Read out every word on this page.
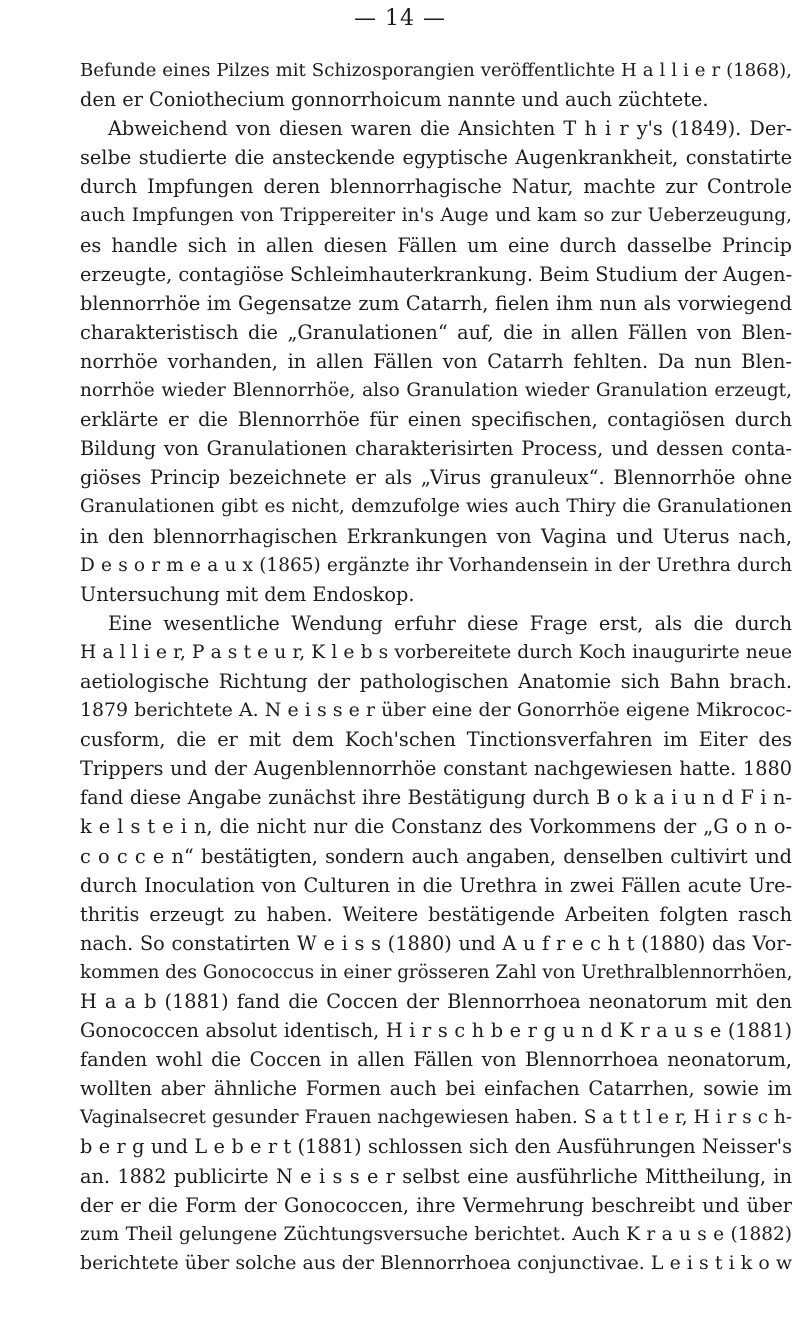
— 14 —
Befunde eines Pilzes mit Schizosporangien veröffentlichte H a l l i e r (1868),
den er Coniothecium gonnorrhoicum nannte und auch züchtete.
Abweichend von diesen waren die Ansichten T h i r y's (1849). Der-
selbe studierte die ansteckende egyptische Augenkrankheit, constatirte
durch Impfungen deren blennorrhagische Natur, machte zur Controle
auch Impfungen von Trippereiter in's Auge und kam so zur Ueberzeugung,
es handle sich in allen diesen Fällen um eine durch dasselbe Princip
erzeugte, contagiöse Schleimhauterkrankung. Beim Studium der Augen-
blennorrhöe im Gegensatze zum Catarrh, fielen ihm nun als vorwiegend
charakteristisch die „Granulationen“ auf, die in allen Fällen von Blen-
norrhöe vorhanden, in allen Fällen von Catarrh fehlten. Da nun Blen-
norrhöe wieder Blennorrhöe, also Granulation wieder Granulation erzeugt,
erklärte er die Blennorrhöe für einen specifischen, contagiösen durch
Bildung von Granulationen charakterisirten Process, und dessen conta-
giöses Princip bezeichnete er als „Virus granuleux“. Blennorrhöe ohne
Granulationen gibt es nicht, demzufolge wies auch Thiry die Granulationen
in den blennorrhagischen Erkrankungen von Vagina und Uterus nach,
D e s o r m e a u x (1865) ergänzte ihr Vorhandensein in der Urethra durch
Untersuchung mit dem Endoskop.
Eine wesentliche Wendung erfuhr diese Frage erst, als die durch
H a l l i e r, P a s t e u r, K l e b s vorbereitete durch Koch inaugurirte neue
aetiologische Richtung der pathologischen Anatomie sich Bahn brach.
1879 berichtete A. N e i s s e r über eine der Gonorrhöe eigene Mikrococ-
cusform, die er mit dem Koch'schen Tinctionsverfahren im Eiter des
Trippers und der Augenblennorrhöe constant nachgewiesen hatte. 1880
fand diese Angabe zunächst ihre Bestätigung durch B o k a i u n d F i n-
k e l s t e i n, die nicht nur die Constanz des Vorkommens der „G o n o-
c o c c e n“ bestätigten, sondern auch angaben, denselben cultivirt und
durch Inoculation von Culturen in die Urethra in zwei Fällen acute Ure-
thritis erzeugt zu haben. Weitere bestätigende Arbeiten folgten rasch
nach. So constatirten W e i s s (1880) und A u f r e c h t (1880) das Vor-
kommen des Gonococcus in einer grösseren Zahl von Urethralblennorrhöen,
H a a b (1881) fand die Coccen der Blennorrhoea neonatorum mit den
Gonococcen absolut identisch, H i r s c h b e r g u n d K r a u s e (1881)
fanden wohl die Coccen in allen Fällen von Blennorrhoea neonatorum,
wollten aber ähnliche Formen auch bei einfachen Catarrhen, sowie im
Vaginalsecret gesunder Frauen nachgewiesen haben. S a t t l e r, H i r s c h-
b e r g und L e b e r t (1881) schlossen sich den Ausführungen Neisser's
an. 1882 publicirte N e i s s e r selbst eine ausführliche Mittheilung, in
der er die Form der Gonococcen, ihre Vermehrung beschreibt und über
zum Theil gelungene Züchtungsversuche berichtet. Auch K r a u s e (1882)
berichtete über solche aus der Blennorrhoea conjunctivae. L e i s t i k o w
